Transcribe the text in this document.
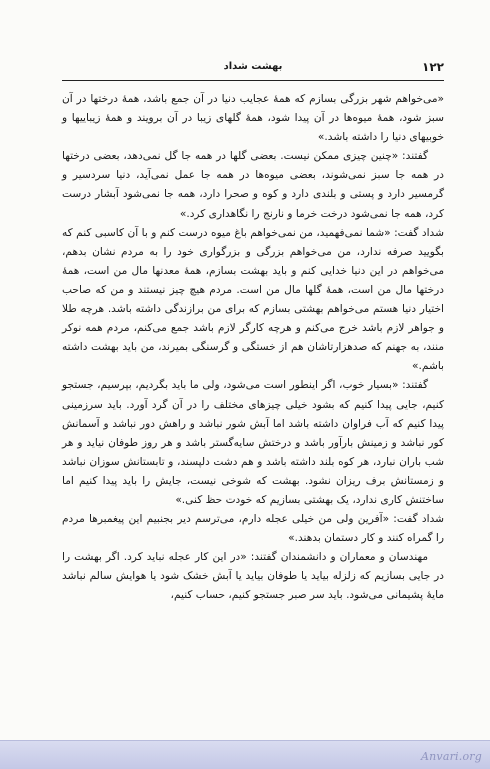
۱۲۲
بهشت شداد

«می‌خواهم شهر بزرگی بسازم که همهٔ عجایب دنیا در آن جمع باشد، همهٔ درختها در آن سبز شود، همهٔ میوه‌ها در آن پیدا شود، همهٔ گلهای زیبا در آن برویند و همهٔ زیباییها و خوبیهای دنیا را داشته باشد.»

گفتند: «چنین چیزی ممکن نیست. بعضی گلها در همه جا گل نمی‌دهد، بعضی درختها در همه جا سبز نمی‌شوند، بعضی میوه‌ها در همه جا عمل نمی‌آید، دنیا سردسیر و گرمسیر دارد و پستی و بلندی دارد و کوه و صحرا دارد، همه جا نمی‌شود آبشار درست کرد، همه جا نمی‌شود درخت خرما و نارنج را نگاهداری کرد.»

شداد گفت: «شما نمی‌فهمید، من نمی‌خواهم باغ میوه درست کنم و با آن کاسبی کنم که بگویید صرفه ندارد، من می‌خواهم بزرگی و بزرگواری خود را به مردم نشان بدهم، می‌خواهم در این دنیا خدایی کنم و باید بهشت بسازم، همهٔ معدنها مال من است، همهٔ درختها مال من است، همهٔ گلها مال من است. مردم هیچ چیز نیستند و من که صاحب اختیار دنیا هستم می‌خواهم بهشتی بسازم که برای من برازندگی داشته باشد. هرچه طلا و جواهر لازم باشد خرج می‌کنم و هرچه کارگر لازم باشد جمع می‌کنم، مردم همه نوکر منند، به جهنم که صدهزارتاشان هم از خستگی و گرسنگی بمیرند، من باید بهشت داشته باشم.»

گفتند: «بسیار خوب، اگر اینطور است می‌شود، ولی ما باید بگردیم، بپرسیم، جستجو کنیم، جایی پیدا کنیم که بشود خیلی چیزهای مختلف را در آن گرد آورد. باید سرزمینی پیدا کنیم که آب فراوان داشته باشد اما آبش شور نباشد و راهش دور نباشد و آسمانش کور نباشد و زمینش بارآور باشد و درختش سایه‌گستر باشد و هر روز طوفان نیاید و هر شب باران نبارد، هر کوه بلند داشته باشد و هم دشت دلپسند، و تابستانش سوزان نباشد و زمستانش برف ریزان نشود. بهشت که شوخی نیست، جایش را باید پیدا کنیم اما ساختنش کاری ندارد، یک بهشتی بسازیم که خودت حظ کنی.»

شداد گفت: «آفرین ولی من خیلی عجله دارم، می‌ترسم دیر بجنبیم این پیغمبرها مردم را گمراه کنند و کار دستمان بدهند.»

مهندسان و معماران و دانشمندان گفتند: «در این کار عجله نباید کرد. اگر بهشت را در جایی بسازیم که زلزله بیاید یا طوفان بیاید یا آبش خشک شود یا هوایش سالم نباشد مایهٔ پشیمانی می‌شود. باید سر صبر جستجو کنیم، حساب کنیم،

Anvari.org
